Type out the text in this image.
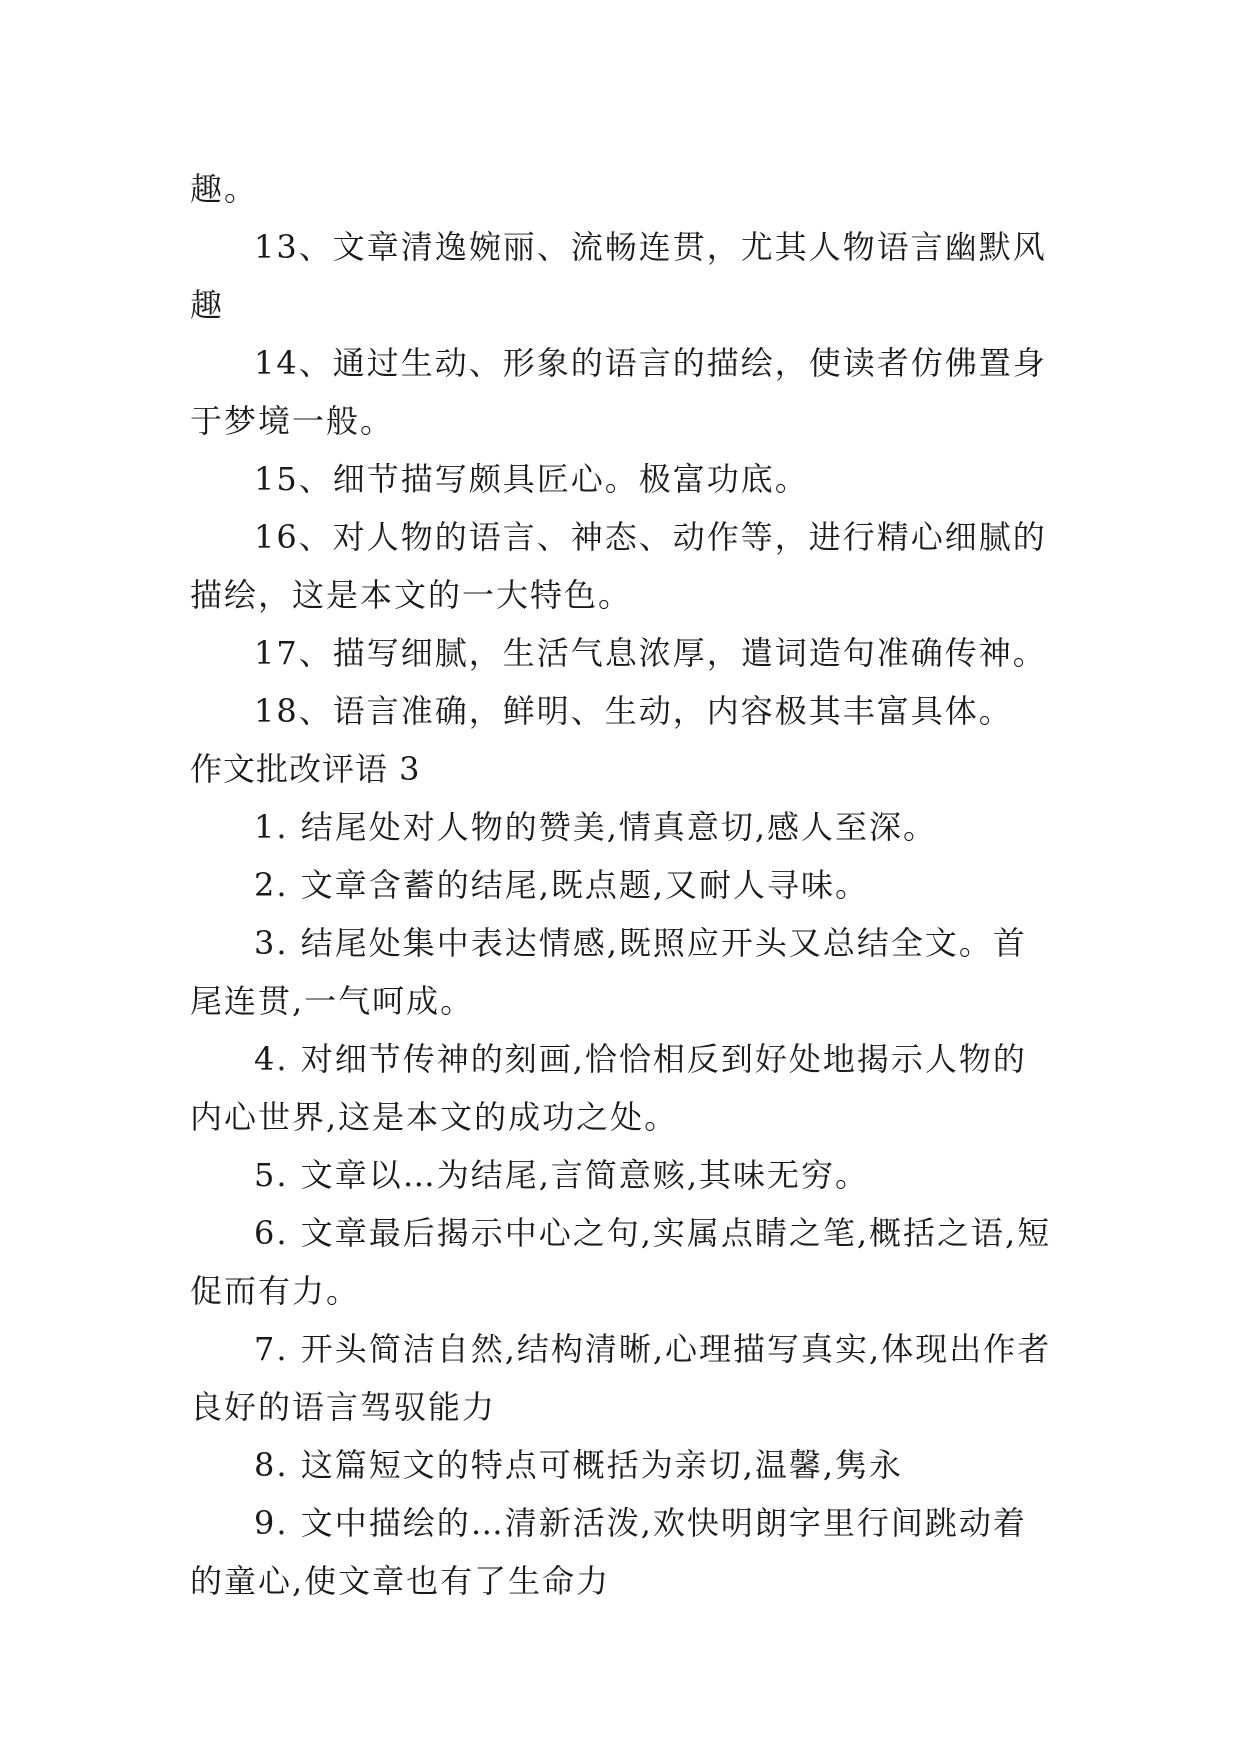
趣。

13、文章清逸婉丽、流畅连贯，尤其人物语言幽默风趣

14、通过生动、形象的语言的描绘，使读者仿佛置身于梦境一般。

15、细节描写颇具匠心。极富功底。

16、对人物的语言、神态、动作等，进行精心细腻的描绘，这是本文的一大特色。

17、描写细腻，生活气息浓厚，遣词造句准确传神。

18、语言准确，鲜明、生动，内容极其丰富具体。

作文批改评语 3

1. 结尾处对人物的赞美,情真意切,感人至深。

2. 文章含蓄的结尾,既点题,又耐人寻味。

3. 结尾处集中表达情感,既照应开头又总结全文。首尾连贯,一气呵成。

4. 对细节传神的刻画,恰恰相反到好处地揭示人物的内心世界,这是本文的成功之处。

5. 文章以…为结尾,言简意赅,其味无穷。

6. 文章最后揭示中心之句,实属点睛之笔,概括之语,短促而有力。

7. 开头简洁自然,结构清晰,心理描写真实,体现出作者良好的语言驾驭能力

8. 这篇短文的特点可概括为亲切,温馨,隽永

9. 文中描绘的…清新活泼,欢快明朗字里行间跳动着的童心,使文章也有了生命力
